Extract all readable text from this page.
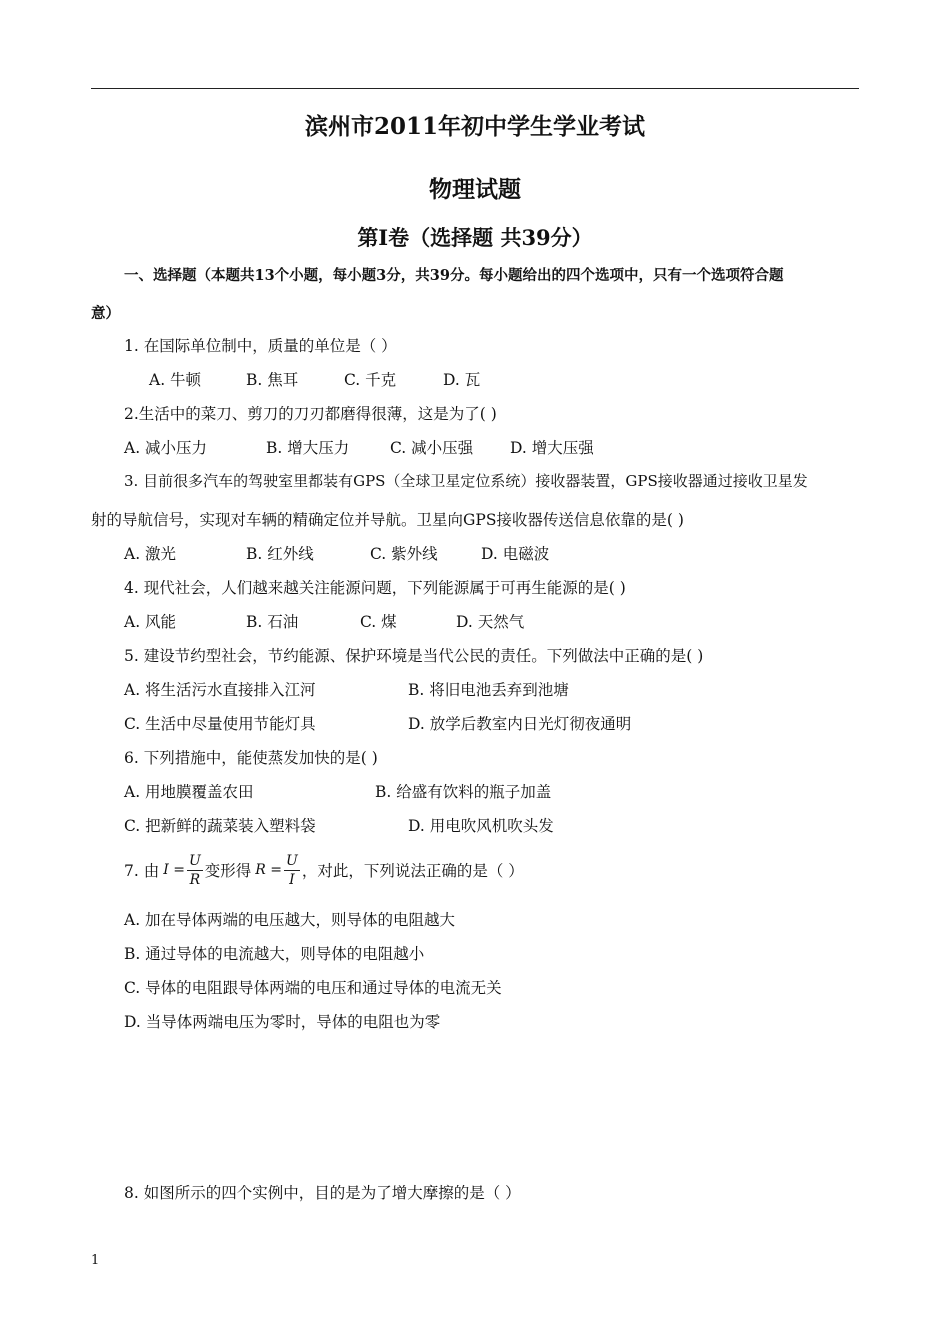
滨州市2011年初中学生学业考试
物理试题
第Ⅰ卷（选择题 共39分）
一、选择题（本题共13个小题，每小题3分，共39分。每小题给出的四个选项中，只有一个选项符合题
意）
1. 在国际单位制中，质量的单位是（ ）
A. 牛顿	B. 焦耳	C. 千克	D. 瓦
2.生活中的菜刀、剪刀的刀刃都磨得很薄，这是为了( )
A. 减小压力	B. 增大压力	C. 减小压强 D. 增大压强
3. 目前很多汽车的驾驶室里都装有GPS（全球卫星定位系统）接收器装置，GPS接收器通过接收卫星发
射的导航信号，实现对车辆的精确定位并导航。卫星向GPS接收器传送信息依靠的是( )
A. 激光	B. 红外线	C. 紫外线	D. 电磁波
4. 现代社会，人们越来越关注能源问题，下列能源属于可再生能源的是( )
A. 风能	B. 石油	C. 煤	D. 天然气
5. 建设节约型社会，节约能源、保护环境是当代公民的责任。下列做法中正确的是( )
A. 将生活污水直接排入江河	B. 将旧电池丢弃到池塘
C. 生活中尽量使用节能灯具	D. 放学后教室内日光灯彻夜通明
6. 下列措施中，能使蒸发加快的是( )
A. 用地膜覆盖农田	B. 给盛有饮料的瓶子加盖
C. 把新鲜的蔬菜装入塑料袋	D. 用电吹风机吹头发
7. 由 $I = \frac{U}{R}$ 变形得 $R = \frac{U}{I}$ ，对此，下列说法正确的是（ ）
A. 加在导体两端的电压越大，则导体的电阻越大
B. 通过导体的电流越大，则导体的电阻越小
C. 导体的电阻跟导体两端的电压和通过导体的电流无关
D. 当导体两端电压为零时，导体的电阻也为零
8. 如图所示的四个实例中，目的是为了增大摩擦的是（ ）
1
